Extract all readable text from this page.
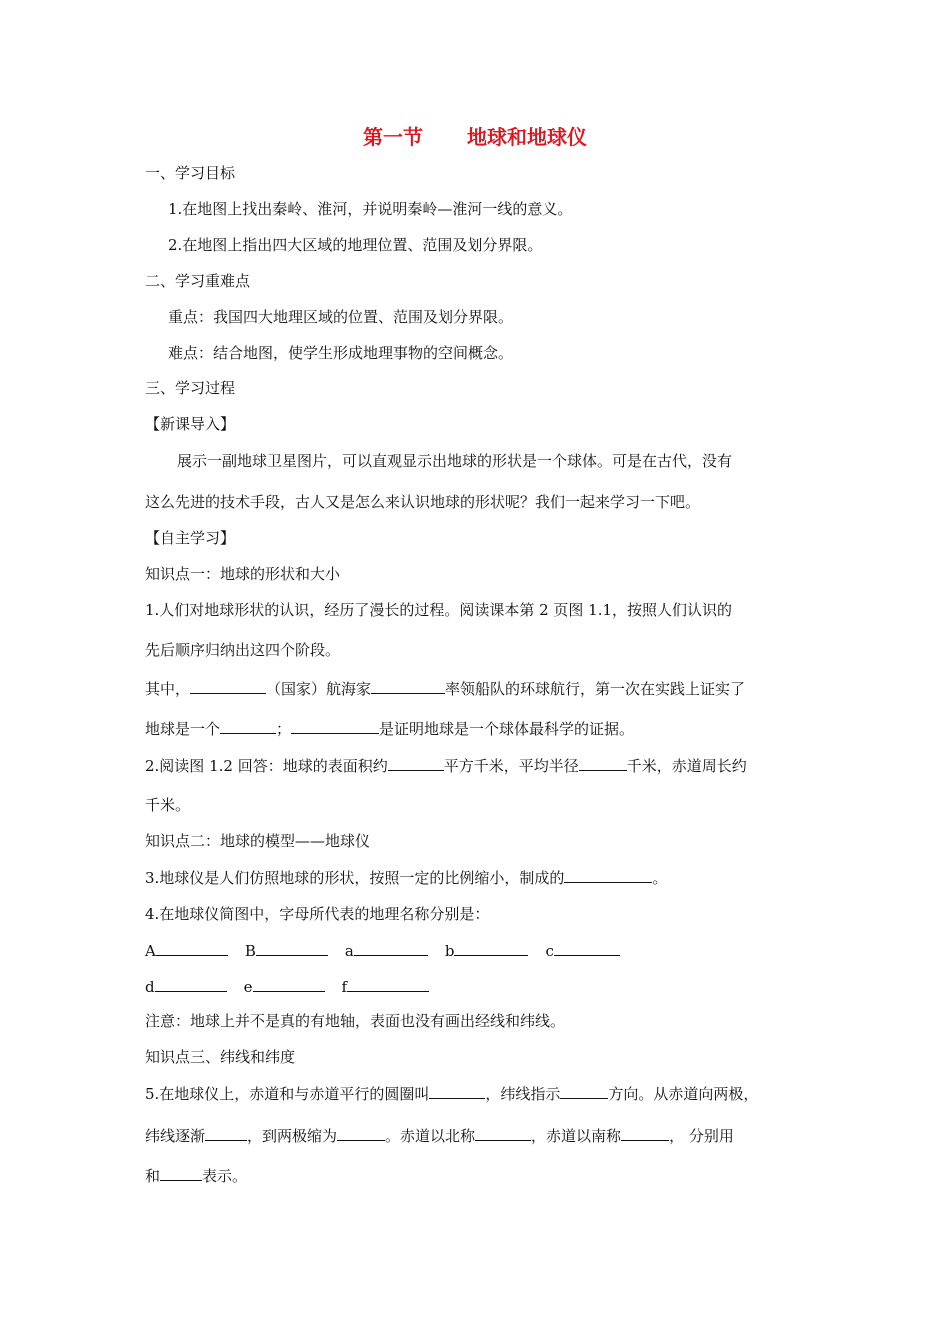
第一节 地球和地球仪
一、学习目标
1.在地图上找出秦岭、淮河，并说明秦岭—淮河一线的意义。
2.在地图上指出四大区域的地理位置、范围及划分界限。
二、学习重难点
重点：我国四大地理区域的位置、范围及划分界限。
难点：结合地图，使学生形成地理事物的空间概念。
三、学习过程
【新课导入】
展示一副地球卫星图片，可以直观显示出地球的形状是一个球体。可是在古代，没有
这么先进的技术手段，古人又是怎么来认识地球的形状呢？我们一起来学习一下吧。
【自主学习】
知识点一：地球的形状和大小
1.人们对地球形状的认识，经历了漫长的过程。阅读课本第 2 页图 1.1，按照人们认识的
先后顺序归纳出这四个阶段。
其中，	（国家）航海家	率领船队的环球航行，第一次在实践上证实了
地球是一个	；	是证明地球是一个球体最科学的证据。
2.阅读图 1.2 回答：地球的表面积约	平方千米，平均半径	千米，赤道周长约
千米。
知识点二：地球的模型——地球仪
3.地球仪是人们仿照地球的形状，按照一定的比例缩小，制成的	。
4.在地球仪简图中，字母所代表的地理名称分别是：
A	B	a	b	c
d	e	f
注意：地球上并不是真的有地轴，表面也没有画出经线和纬线。
知识点三、纬线和纬度
5.在地球仪上，赤道和与赤道平行的圆圈叫	，纬线指示	方向。从赤道向两极，
纬线逐渐	，到两极缩为	。赤道以北称	，赤道以南称	， 分别用
和	表示。
